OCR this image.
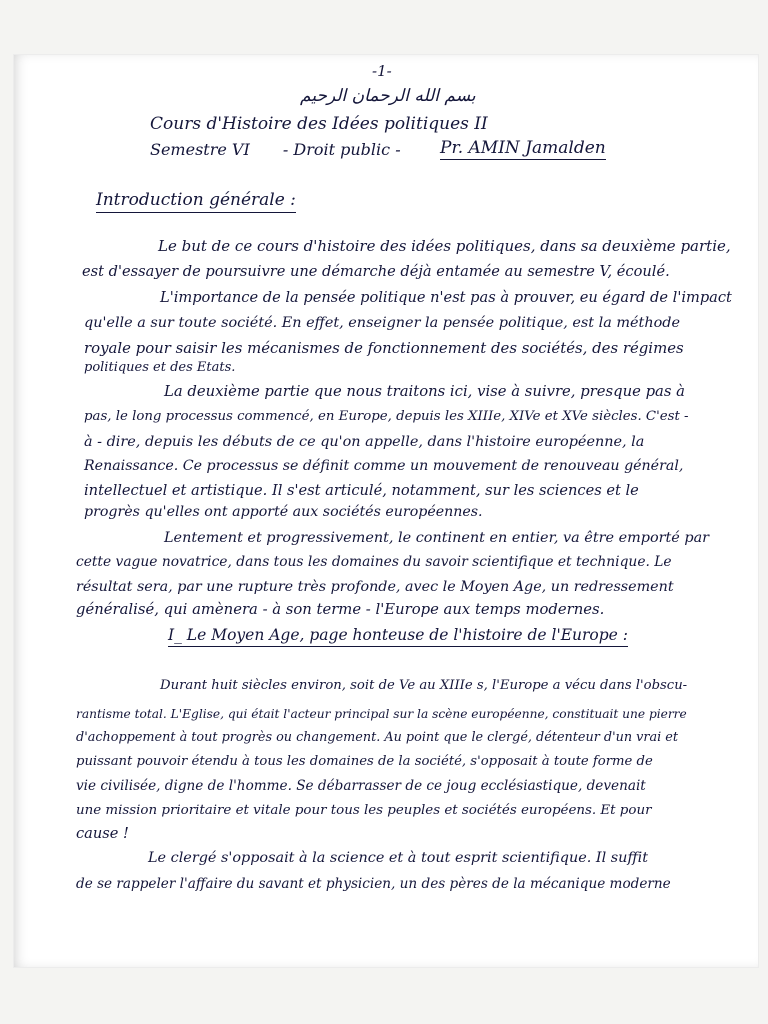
-1-
بسم الله الرحمان الرحيم
Cours d'Histoire des Idées politiques II
Semestre VI - Droit public - Pr. AMIN Jamalden
Introduction générale :
Le but de ce cours d'histoire des idées politiques, dans sa deuxième partie,
est d'essayer de poursuivre une démarche déjà entamée au semestre V, écoulé.
L'importance de la pensée politique n'est pas à prouver, eu égard de l'impact
qu'elle a sur toute société. En effet, enseigner la pensée politique, est la méthode
royale pour saisir les mécanismes de fonctionnement des sociétés, des régimes
politiques et des Etats.
La deuxième partie que nous traitons ici, vise à suivre, presque pas à
pas, le long processus commencé, en Europe, depuis les XIIIe, XIVe et XVe siècles. C'est -
à - dire, depuis les débuts de ce qu'on appelle, dans l'histoire européenne, la
Renaissance. Ce processus se définit comme un mouvement de renouveau général,
intellectuel et artistique. Il s'est articulé, notamment, sur les sciences et le
progrès qu'elles ont apporté aux sociétés européennes.
Lentement et progressivement, le continent en entier, va être emporté par
cette vague novatrice, dans tous les domaines du savoir scientifique et technique. Le
résultat sera, par une rupture très profonde, avec le Moyen Age, un redressement
généralisé, qui amènera - à son terme - l'Europe aux temps modernes.
I_ Le Moyen Age, page honteuse de l'histoire de l'Europe :
Durant huit siècles environ, soit de Ve au XIIIe s, l'Europe a vécu dans l'obscu-
rantisme total. L'Eglise, qui était l'acteur principal sur la scène européenne, constituait une pierre
d'achoppement à tout progrès ou changement. Au point que le clergé, détenteur d'un vrai et
puissant pouvoir étendu à tous les domaines de la société, s'opposait à toute forme de
vie civilisée, digne de l'homme. Se débarrasser de ce joug ecclésiastique, devenait
une mission prioritaire et vitale pour tous les peuples et sociétés européens. Et pour
cause !
Le clergé s'opposait à la science et à tout esprit scientifique. Il suffit
de se rappeler l'affaire du savant et physicien, un des pères de la mécanique moderne
